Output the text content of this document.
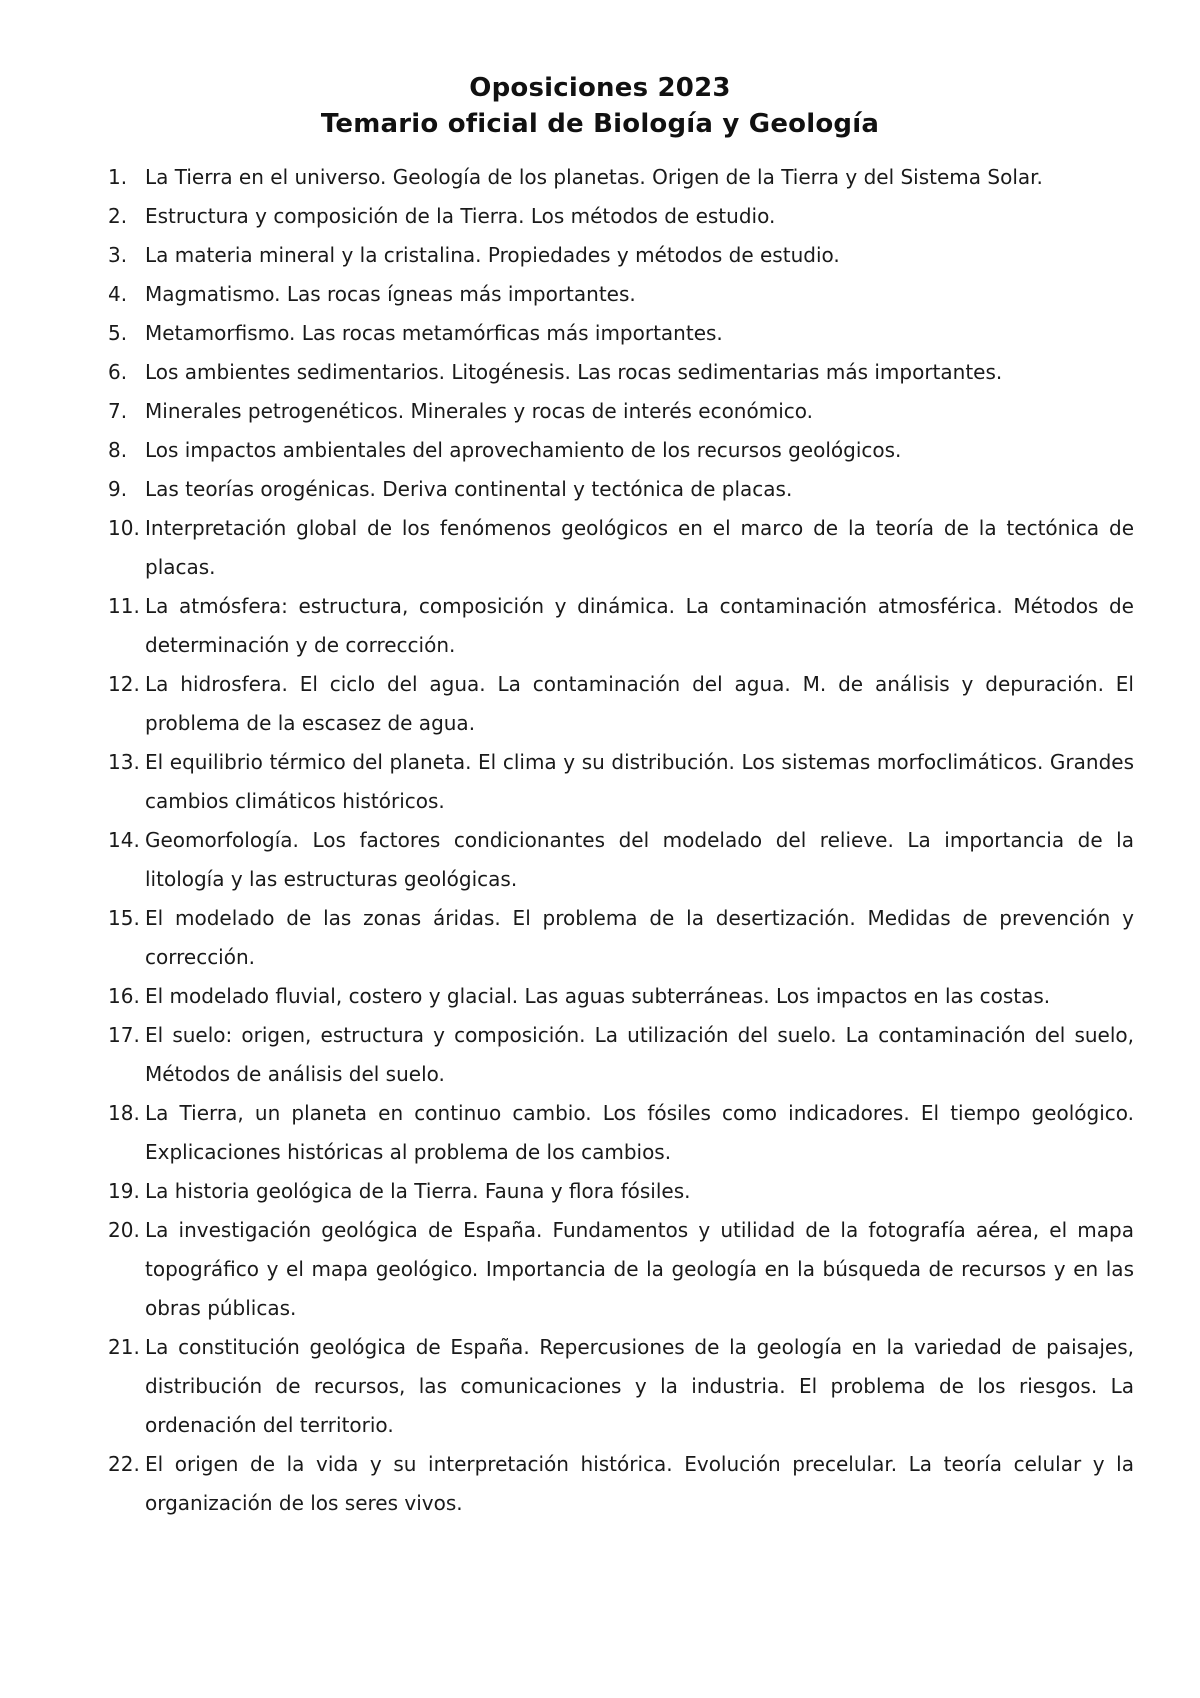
Oposiciones 2023
Temario oficial de Biología y Geología
1. La Tierra en el universo. Geología de los planetas. Origen de la Tierra y del Sistema Solar.
2. Estructura y composición de la Tierra. Los métodos de estudio.
3. La materia mineral y la cristalina. Propiedades y métodos de estudio.
4. Magmatismo. Las rocas ígneas más importantes.
5. Metamorfismo. Las rocas metamórficas más importantes.
6. Los ambientes sedimentarios. Litogénesis. Las rocas sedimentarias más importantes.
7. Minerales petrogenéticos. Minerales y rocas de interés económico.
8. Los impactos ambientales del aprovechamiento de los recursos geológicos.
9. Las teorías orogénicas. Deriva continental y tectónica de placas.
10. Interpretación global de los fenómenos geológicos en el marco de la teoría de la tectónica de placas.
11. La atmósfera: estructura, composición y dinámica. La contaminación atmosférica. Métodos de determinación y de corrección.
12. La hidrosfera. El ciclo del agua. La contaminación del agua. M. de análisis y depuración. El problema de la escasez de agua.
13. El equilibrio térmico del planeta. El clima y su distribución. Los sistemas morfoclimáticos. Grandes cambios climáticos históricos.
14. Geomorfología. Los factores condicionantes del modelado del relieve. La importancia de la litología y las estructuras geológicas.
15. El modelado de las zonas áridas. El problema de la desertización. Medidas de prevención y corrección.
16. El modelado fluvial, costero y glacial. Las aguas subterráneas. Los impactos en las costas.
17. El suelo: origen, estructura y composición. La utilización del suelo. La contaminación del suelo, Métodos de análisis del suelo.
18. La Tierra, un planeta en continuo cambio. Los fósiles como indicadores. El tiempo geológico. Explicaciones históricas al problema de los cambios.
19. La historia geológica de la Tierra. Fauna y flora fósiles.
20. La investigación geológica de España. Fundamentos y utilidad de la fotografía aérea, el mapa topográfico y el mapa geológico. Importancia de la geología en la búsqueda de recursos y en las obras públicas.
21. La constitución geológica de España. Repercusiones de la geología en la variedad de paisajes, distribución de recursos, las comunicaciones y la industria. El problema de los riesgos. La ordenación del territorio.
22. El origen de la vida y su interpretación histórica. Evolución precelular. La teoría celular y la organización de los seres vivos.
